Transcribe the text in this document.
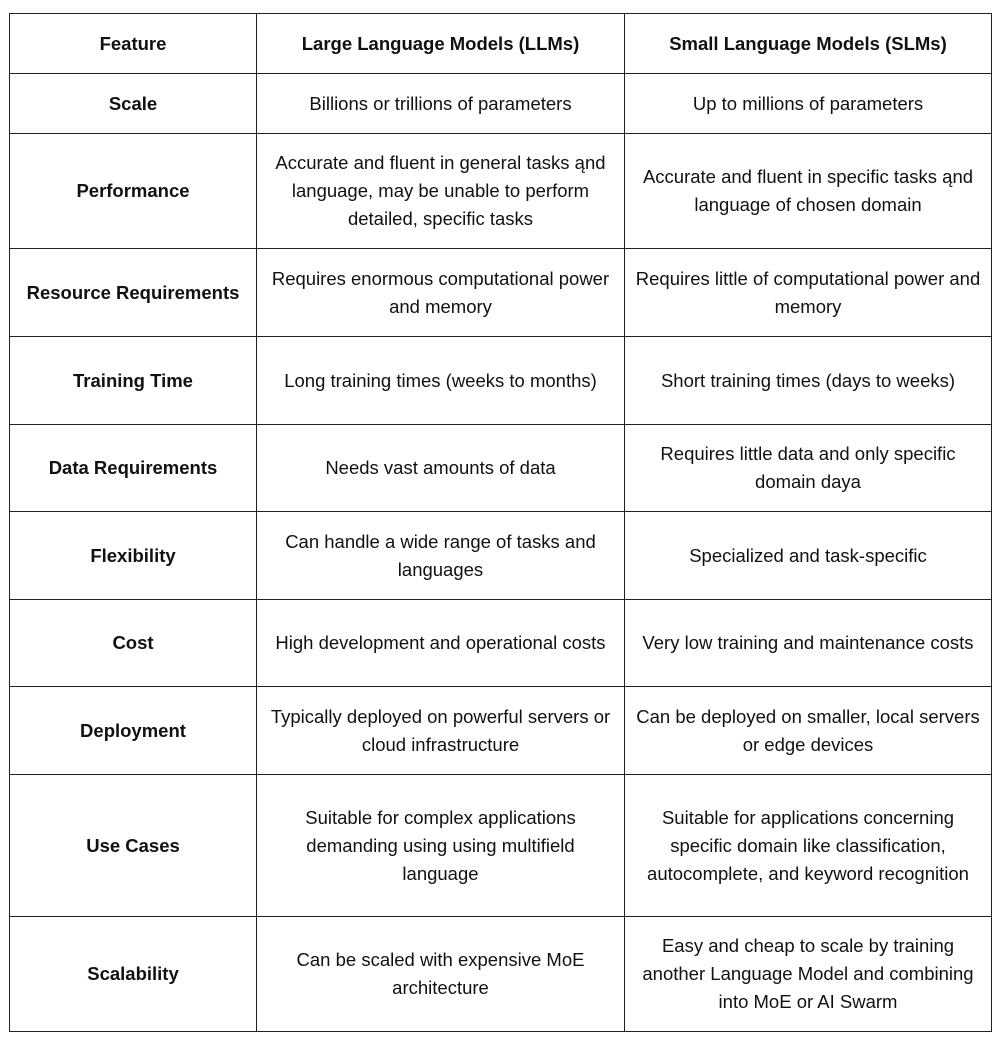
Feature	Large Language Models (LLMs)	Small Language Models (SLMs)
Scale	Billions or trillions of parameters	Up to millions of parameters
Performance	Accurate and fluent in general tasks ąnd language, may be unable to perform detailed, specific tasks	Accurate and fluent in specific tasks ąnd language of chosen domain
Resource Requirements	Requires enormous computational power and memory	Requires little of computational power and memory
Training Time	Long training times (weeks to months)	Short training times (days to weeks)
Data Requirements	Needs vast amounts of data	Requires little data and only specific domain daya
Flexibility	Can handle a wide range of tasks and languages	Specialized and task-specific
Cost	High development and operational costs	Very low training and maintenance costs
Deployment	Typically deployed on powerful servers or cloud infrastructure	Can be deployed on smaller, local servers or edge devices
Use Cases	Suitable for complex applications demanding using using multifield language	Suitable for applications concerning specific domain like classification, autocomplete, and keyword recognition
Scalability	Can be scaled with expensive MoE architecture	Easy and cheap to scale by training another Language Model and combining into MoE or AI Swarm
